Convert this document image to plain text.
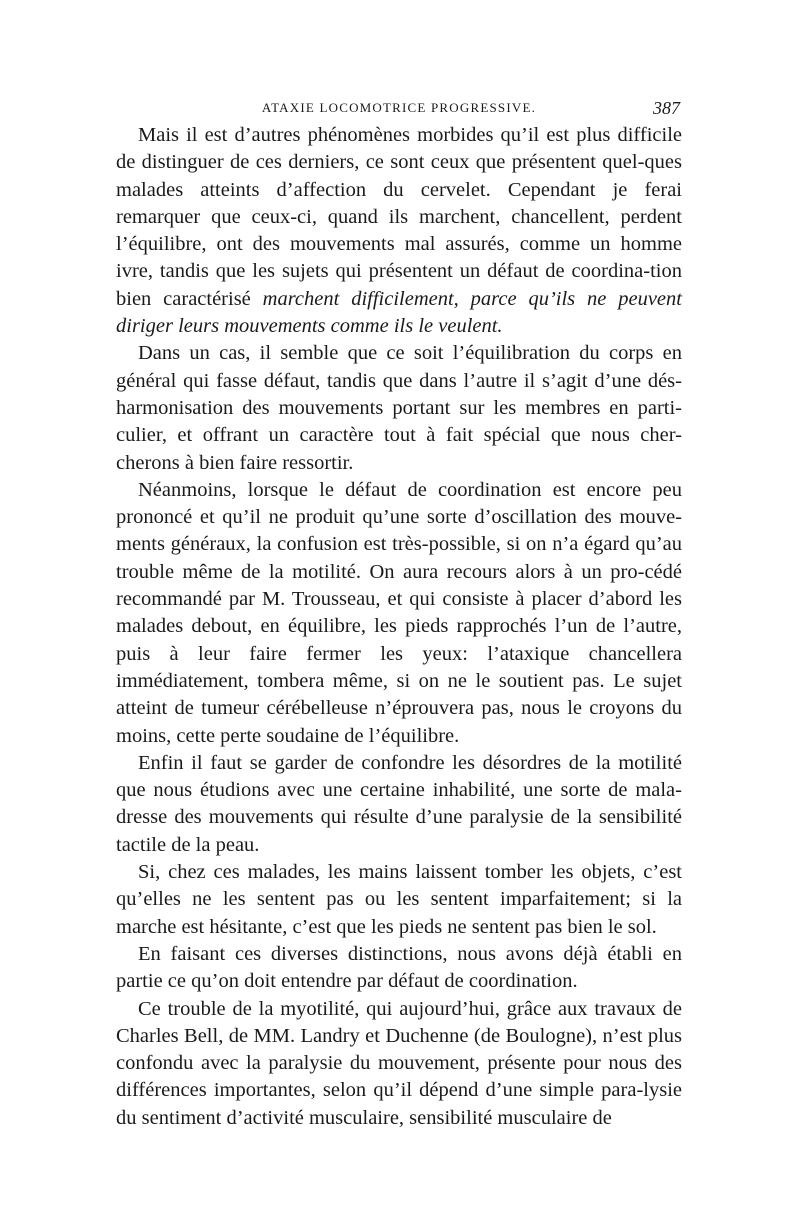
ATAXIE LOCOMOTRICE PROGRESSIVE.	387

Mais il est d’autres phénomènes morbides qu’il est plus difficile de distinguer de ces derniers, ce sont ceux que présentent quel-ques malades atteints d’affection du cervelet. Cependant je ferai remarquer que ceux-ci, quand ils marchent, chancellent, perdent l’équilibre, ont des mouvements mal assurés, comme un homme ivre, tandis que les sujets qui présentent un défaut de coordina-tion bien caractérisé marchent difficilement, parce qu’ils ne peuvent diriger leurs mouvements comme ils le veulent.

Dans un cas, il semble que ce soit l’équilibration du corps en général qui fasse défaut, tandis que dans l’autre il s’agit d’une dés-harmonisation des mouvements portant sur les membres en parti-culier, et offrant un caractère tout à fait spécial que nous cher-cherons à bien faire ressortir.

Néanmoins, lorsque le défaut de coordination est encore peu prononcé et qu’il ne produit qu’une sorte d’oscillation des mouve-ments généraux, la confusion est très-possible, si on n’a égard qu’au trouble même de la motilité. On aura recours alors à un pro-cédé recommandé par M. Trousseau, et qui consiste à placer d’abord les malades debout, en équilibre, les pieds rapprochés l’un de l’autre, puis à leur faire fermer les yeux: l’ataxique chancellera immédiatement, tombera même, si on ne le soutient pas. Le sujet atteint de tumeur cérébelleuse n’éprouvera pas, nous le croyons du moins, cette perte soudaine de l’équilibre.

Enfin il faut se garder de confondre les désordres de la motilité que nous étudions avec une certaine inhabilité, une sorte de mala-dresse des mouvements qui résulte d’une paralysie de la sensibilité tactile de la peau.

Si, chez ces malades, les mains laissent tomber les objets, c’est qu’elles ne les sentent pas ou les sentent imparfaitement; si la marche est hésitante, c’est que les pieds ne sentent pas bien le sol.

En faisant ces diverses distinctions, nous avons déjà établi en partie ce qu’on doit entendre par défaut de coordination.

Ce trouble de la myotilité, qui aujourd’hui, grâce aux travaux de Charles Bell, de MM. Landry et Duchenne (de Boulogne), n’est plus confondu avec la paralysie du mouvement, présente pour nous des différences importantes, selon qu’il dépend d’une simple para-lysie du sentiment d’activité musculaire, sensibilité musculaire de
